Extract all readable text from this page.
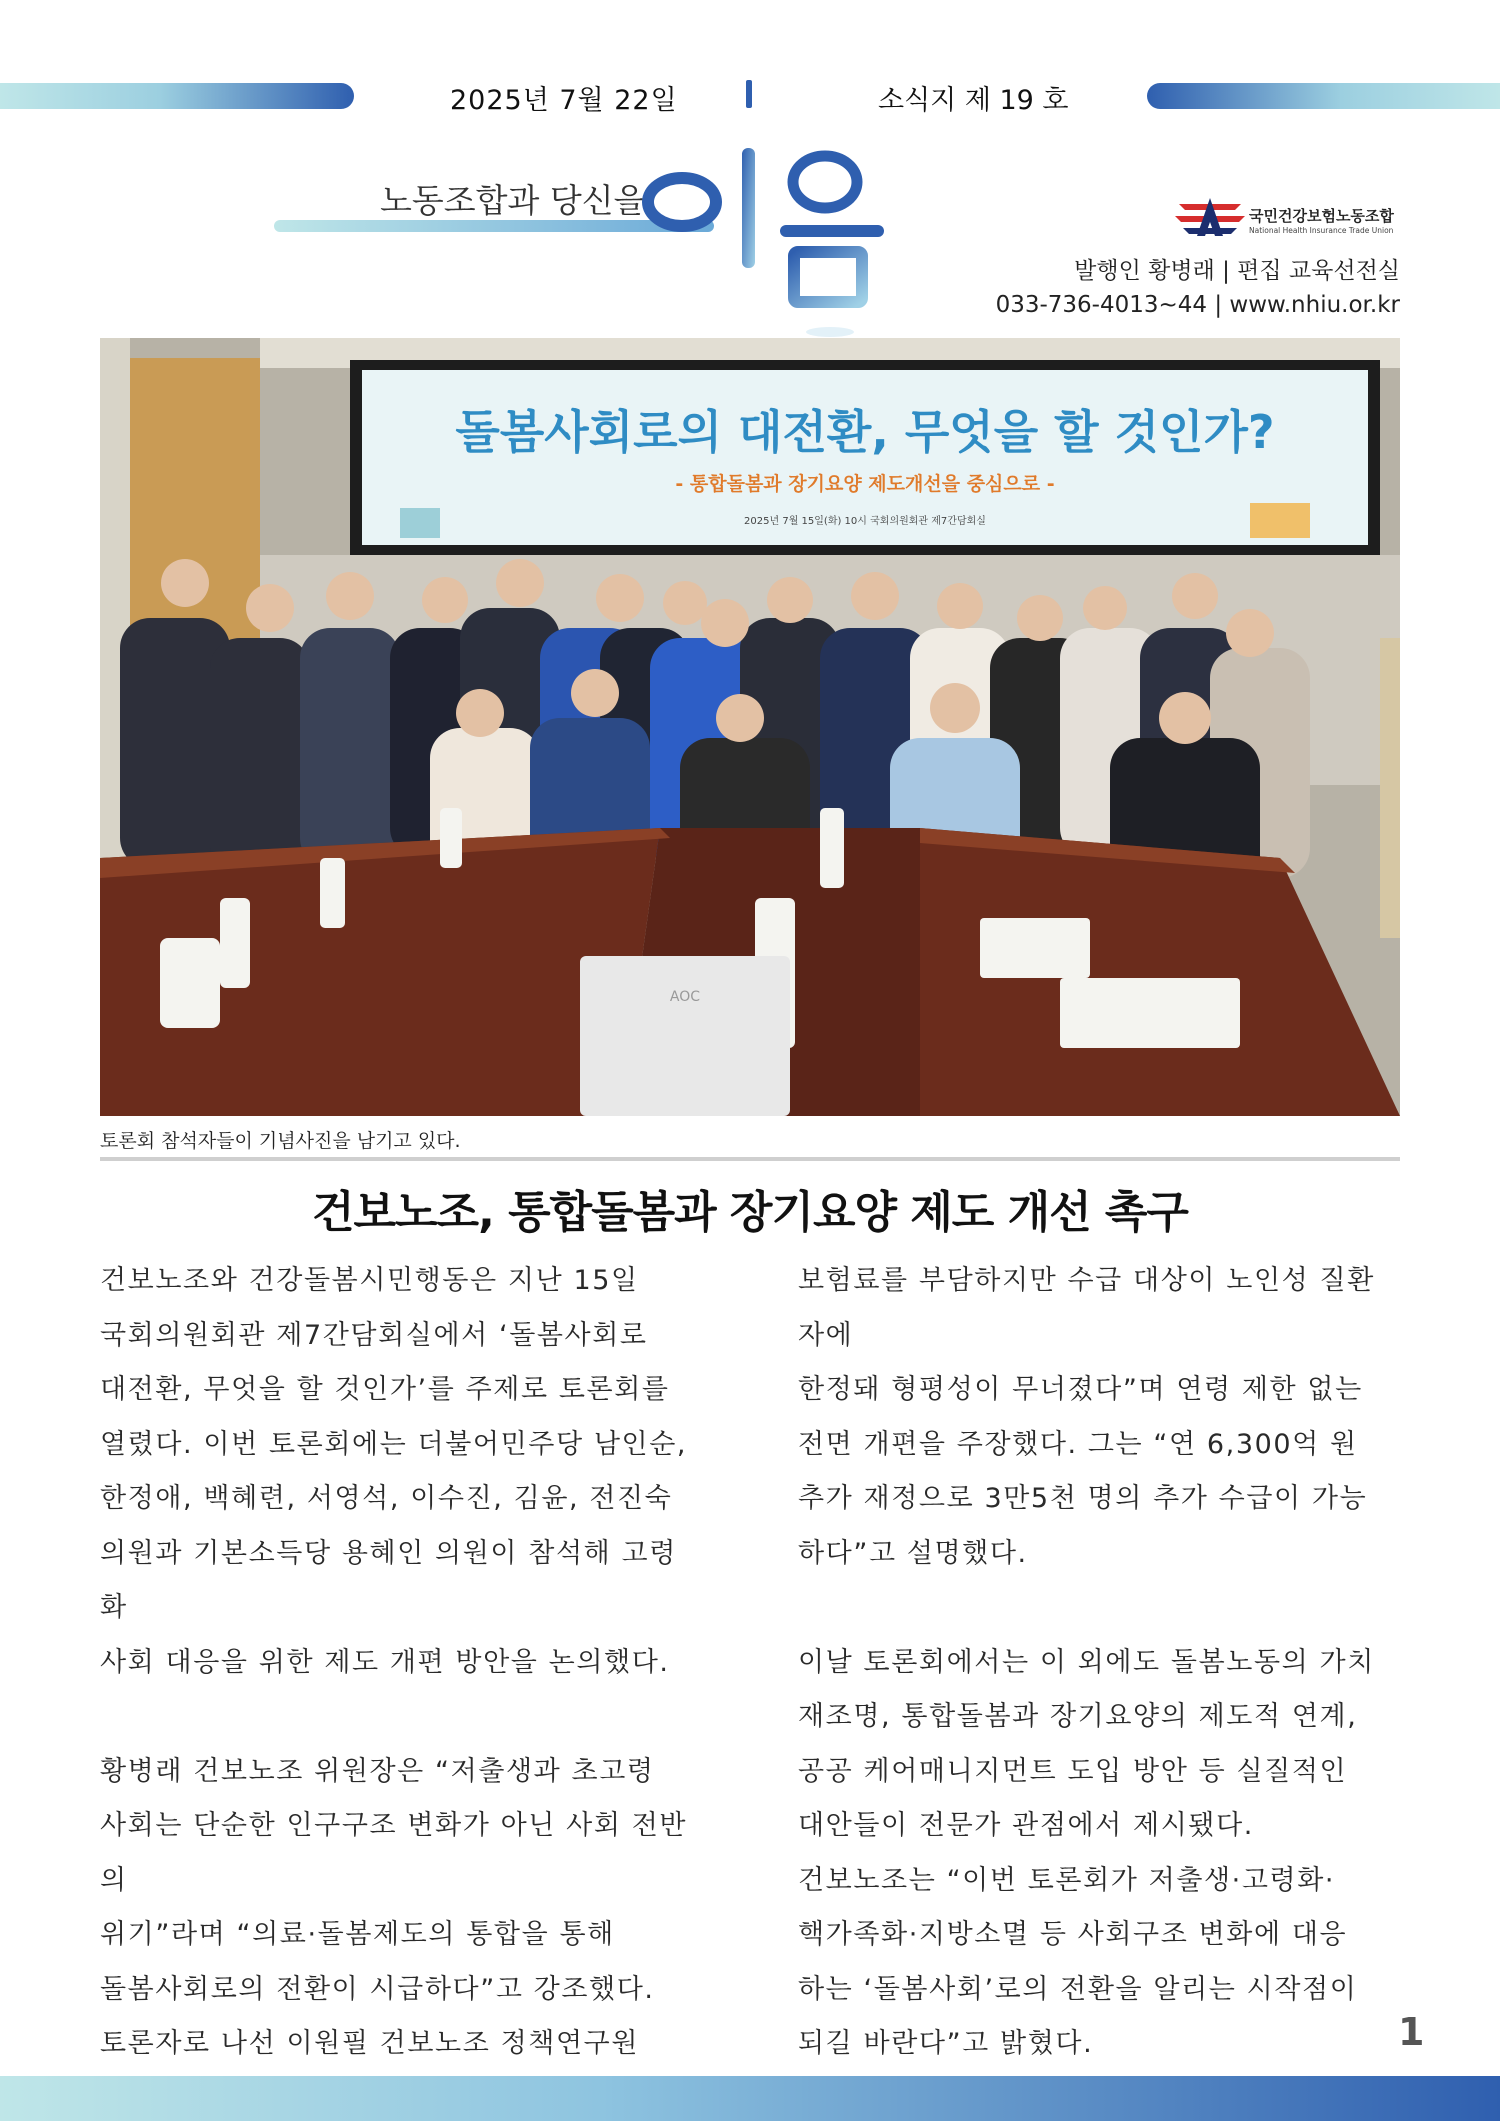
2025년 7월 22일	소식지 제 19 호
노동조합과 당신을
이음
국민건강보험노동조합
National Health Insurance Trade Union
발행인 황병래 | 편집 교육선전실
033-736-4013~44 | www.nhiu.or.kr
돌봄사회로의 대전환, 무엇을 할 것인가?
- 통합돌봄과 장기요양 제도개선을 중심으로 -
2025년 7월 15일(화) 10시 국회의원회관 제7간담회실
AOC
토론회 참석자들이 기념사진을 남기고 있다.
건보노조, 통합돌봄과 장기요양 제도 개선 촉구

건보노조와 건강돌봄시민행동은 지난 15일

국회의원회관 제7간담회실에서 ‘돌봄사회로

대전환, 무엇을 할 것인가’를 주제로 토론회를

열렸다. 이번 토론회에는 더불어민주당 남인순,

한정애, 백혜련, 서영석, 이수진, 김윤, 전진숙

의원과 기본소득당 용혜인 의원이 참석해 고령화

사회 대응을 위한 제도 개편 방안을 논의했다.

황병래 건보노조 위원장은 “저출생과 초고령

사회는 단순한 인구구조 변화가 아닌 사회 전반의

위기”라며 “의료·돌봄제도의 통합을 통해

돌봄사회로의 전환이 시급하다”고 강조했다.

토론자로 나선 이원필 건보노조 정책연구원

보험료를 부담하지만 수급 대상이 노인성 질환자에

한정돼 형평성이 무너졌다”며 연령 제한 없는

전면 개편을 주장했다. 그는 “연 6,300억 원

추가 재정으로 3만5천 명의 추가 수급이 가능

하다”고 설명했다.

이날 토론회에서는 이 외에도 돌봄노동의 가치

재조명, 통합돌봄과 장기요양의 제도적 연계,

공공 케어매니지먼트 도입 방안 등 실질적인

대안들이 전문가 관점에서 제시됐다.

건보노조는 “이번 토론회가 저출생·고령화·

핵가족화·지방소멸 등 사회구조 변화에 대응

하는 ‘돌봄사회’로의 전환을 알리는 시작점이

되길 바란다”고 밝혔다.	1
